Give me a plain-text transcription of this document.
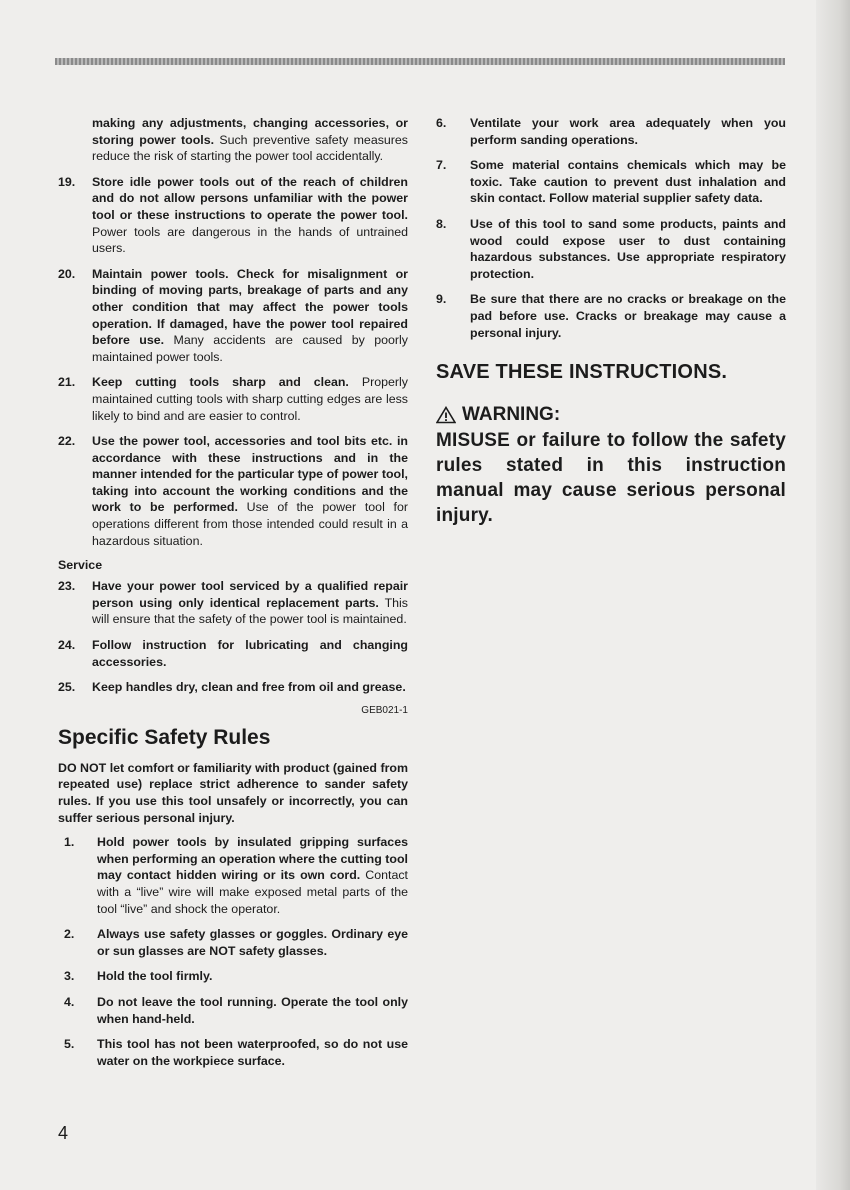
making any adjustments, changing accessories, or storing power tools. Such preventive safety measures reduce the risk of starting the power tool accidentally.

19. Store idle power tools out of the reach of children and do not allow persons unfamiliar with the power tool or these instructions to operate the power tool. Power tools are dangerous in the hands of untrained users.

20. Maintain power tools. Check for misalignment or binding of moving parts, breakage of parts and any other condition that may affect the power tools operation. If damaged, have the power tool repaired before use. Many accidents are caused by poorly maintained power tools.

21. Keep cutting tools sharp and clean. Properly maintained cutting tools with sharp cutting edges are less likely to bind and are easier to control.

22. Use the power tool, accessories and tool bits etc. in accordance with these instructions and in the manner intended for the particular type of power tool, taking into account the working conditions and the work to be performed. Use of the power tool for operations different from those intended could result in a hazardous situation.

Service

23. Have your power tool serviced by a qualified repair person using only identical replacement parts. This will ensure that the safety of the power tool is maintained.

24. Follow instruction for lubricating and changing accessories.

25. Keep handles dry, clean and free from oil and grease.

GEB021-1
Specific Safety Rules

DO NOT let comfort or familiarity with product (gained from repeated use) replace strict adherence to sander safety rules. If you use this tool unsafely or incorrectly, you can suffer serious personal injury.

1. Hold power tools by insulated gripping surfaces when performing an operation where the cutting tool may contact hidden wiring or its own cord. Contact with a “live” wire will make exposed metal parts of the tool “live” and shock the operator.

2. Always use safety glasses or goggles. Ordinary eye or sun glasses are NOT safety glasses.

3. Hold the tool firmly.

4. Do not leave the tool running. Operate the tool only when hand-held.

5. This tool has not been waterproofed, so do not use water on the workpiece surface.

6. Ventilate your work area adequately when you perform sanding operations.

7. Some material contains chemicals which may be toxic. Take caution to prevent dust inhalation and skin contact. Follow material supplier safety data.

8. Use of this tool to sand some products, paints and wood could expose user to dust containing hazardous substances. Use appropriate respiratory protection.

9. Be sure that there are no cracks or breakage on the pad before use. Cracks or breakage may cause a personal injury.

SAVE THESE INSTRUCTIONS.
WARNING:

MISUSE or failure to follow the safety rules stated in this instruction manual may cause serious personal injury.

4
